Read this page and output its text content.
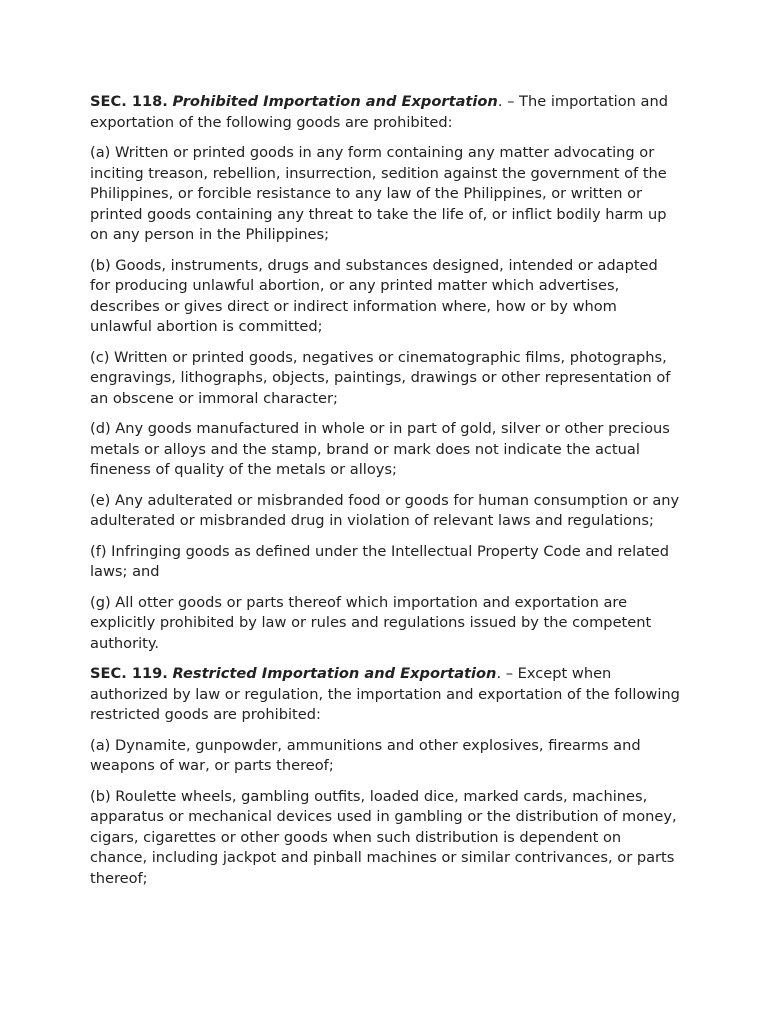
SEC. 118. Prohibited Importation and Exportation. – The importation and exportation of the following goods are prohibited:

(a) Written or printed goods in any form containing any matter advocating or inciting treason, rebellion, insurrection, sedition against the government of the Philippines, or forcible resistance to any law of the Philippines, or written or printed goods containing any threat to take the life of, or inflict bodily harm up on any person in the Philippines;

(b) Goods, instruments, drugs and substances designed, intended or adapted for producing unlawful abortion, or any printed matter which advertises, describes or gives direct or indirect information where, how or by whom unlawful abortion is committed;

(c) Written or printed goods, negatives or cinematographic films, photographs, engravings, lithographs, objects, paintings, drawings or other representation of an obscene or immoral character;

(d) Any goods manufactured in whole or in part of gold, silver or other precious metals or alloys and the stamp, brand or mark does not indicate the actual fineness of quality of the metals or alloys;

(e) Any adulterated or misbranded food or goods for human consumption or any adulterated or misbranded drug in violation of relevant laws and regulations;

(f) Infringing goods as defined under the Intellectual Property Code and related laws; and

(g) All otter goods or parts thereof which importation and exportation are explicitly prohibited by law or rules and regulations issued by the competent authority.

SEC. 119. Restricted Importation and Exportation. – Except when authorized by law or regulation, the importation and exportation of the following restricted goods are prohibited:

(a) Dynamite, gunpowder, ammunitions and other explosives, firearms and weapons of war, or parts thereof;

(b) Roulette wheels, gambling outfits, loaded dice, marked cards, machines, apparatus or mechanical devices used in gambling or the distribution of money, cigars, cigarettes or other goods when such distribution is dependent on chance, including jackpot and pinball machines or similar contrivances, or parts thereof;
